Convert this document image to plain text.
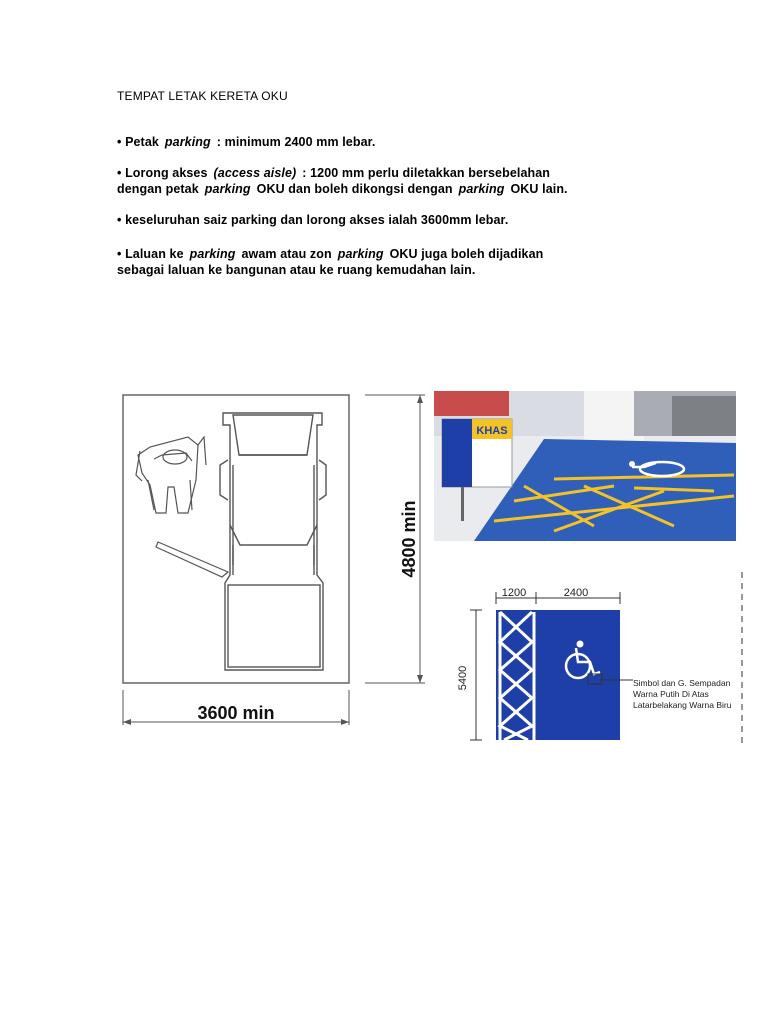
TEMPAT LETAK KERETA OKU
• Petak parking : minimum 2400 mm lebar.
• Lorong akses (access aisle) : 1200 mm perlu diletakkan bersebelahan
dengan petak parking OKU dan boleh dikongsi dengan parking OKU lain.
• keseluruhan saiz parking dan lorong akses ialah 3600mm lebar.
• Laluan ke parking awam atau zon parking OKU juga boleh dijadikan
sebagai laluan ke bangunan atau ke ruang kemudahan lain.
4800 min
3600 min
KHAS
1200	2400
5400	Simbol dan G. Sempadan
Warna Putih Di Atas
Latarbelakang Warna Biru
